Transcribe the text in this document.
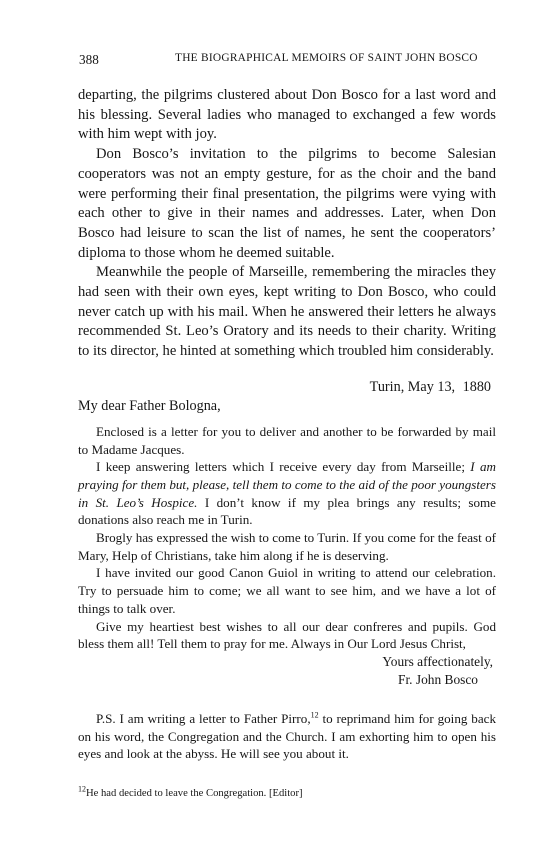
388	THE BIOGRAPHICAL MEMOIRS OF SAINT JOHN BOSCO

departing, the pilgrims clustered about Don Bosco for a last word and his blessing. Several ladies who managed to exchanged a few words with him wept with joy.

Don Bosco’s invitation to the pilgrims to become Salesian cooperators was not an empty gesture, for as the choir and the band were performing their final presentation, the pilgrims were vying with each other to give in their names and addresses. Later, when Don Bosco had leisure to scan the list of names, he sent the cooperators’ diploma to those whom he deemed suitable.

Meanwhile the people of Marseille, remembering the miracles they had seen with their own eyes, kept writing to Don Bosco, who could never catch up with his mail. When he answered their letters he always recommended St. Leo’s Oratory and its needs to their charity. Writing to its director, he hinted at something which troubled him considerably.

Turin, May 13, 1880
My dear Father Bologna,

Enclosed is a letter for you to deliver and another to be forwarded by mail to Madame Jacques.

I keep answering letters which I receive every day from Marseille; I am praying for them but, please, tell them to come to the aid of the poor youngsters in St. Leo’s Hospice. I don’t know if my plea brings any results; some donations also reach me in Turin.

Brogly has expressed the wish to come to Turin. If you come for the feast of Mary, Help of Christians, take him along if he is deserving.

I have invited our good Canon Guiol in writing to attend our celebration. Try to persuade him to come; we all want to see him, and we have a lot of things to talk over.

Give my heartiest best wishes to all our dear confreres and pupils. God bless them all! Tell them to pray for me. Always in Our Lord Jesus Christ,

Yours affectionately,
Fr. John Bosco
P.S. I am writing a letter to Father Pirro,$^{12}$ to reprimand him for going back on his word, the Congregation and the Church. I am exhorting him to open his eyes and look at the abyss. He will see you about it.
$^{12}$He had decided to leave the Congregation. [Editor]
